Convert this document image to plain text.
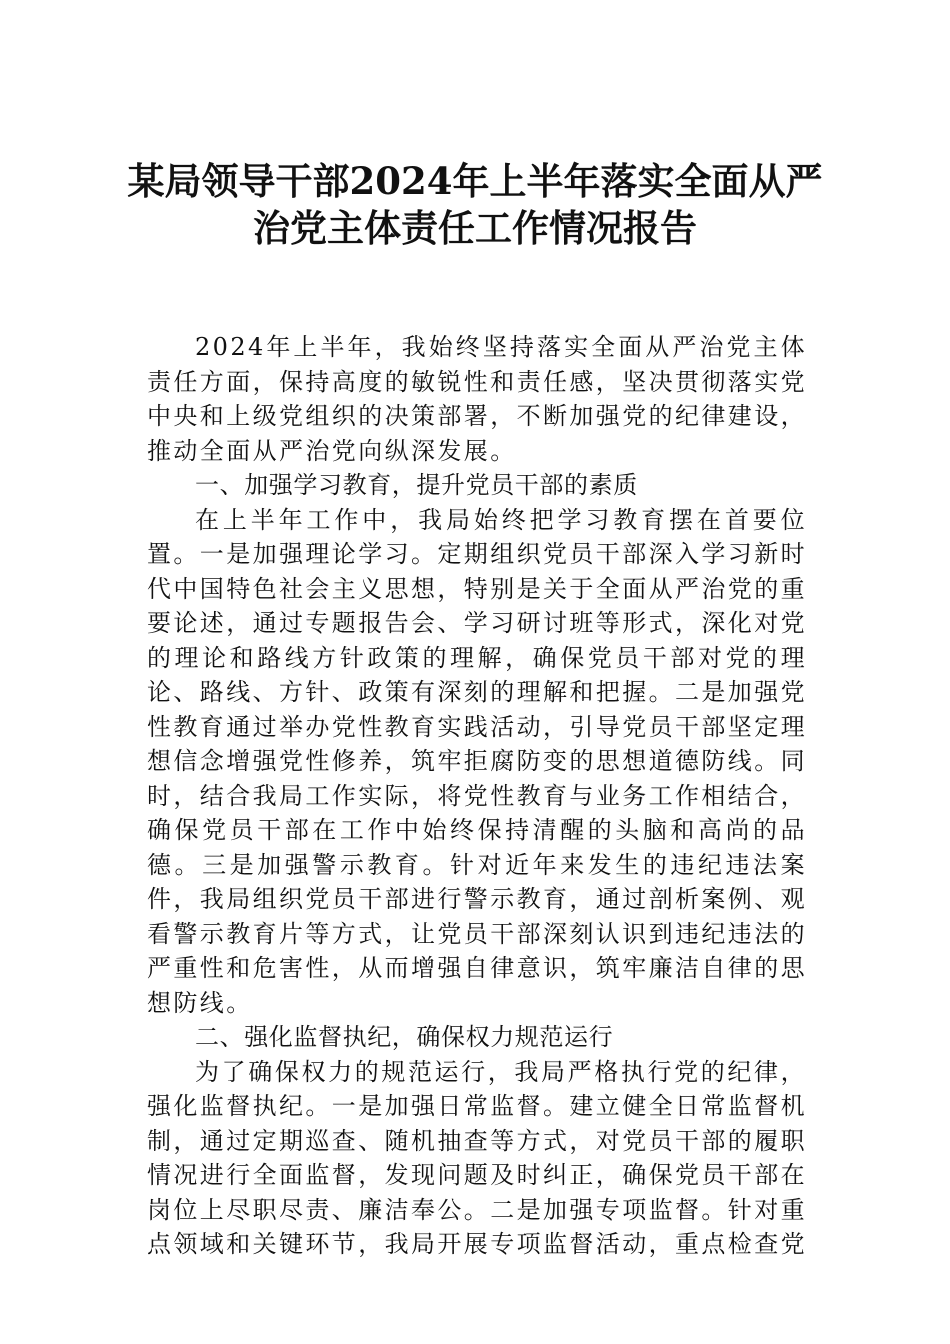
某局领导干部2024年上半年落实全面从严
治党主体责任工作情况报告

2024年上半年，我始终坚持落实全面从严治党主体责任方面，保持高度的敏锐性和责任感，坚决贯彻落实党中央和上级党组织的决策部署，不断加强党的纪律建设，推动全面从严治党向纵深发展。

一、加强学习教育，提升党员干部的素质

在上半年工作中，我局始终把学习教育摆在首要位置。一是加强理论学习。定期组织党员干部深入学习新时代中国特色社会主义思想，特别是关于全面从严治党的重要论述，通过专题报告会、学习研讨班等形式，深化对党的理论和路线方针政策的理解，确保党员干部对党的理论、路线、方针、政策有深刻的理解和把握。二是加强党性教育通过举办党性教育实践活动，引导党员干部坚定理想信念增强党性修养，筑牢拒腐防变的思想道德防线。同时，结合我局工作实际，将党性教育与业务工作相结合，确保党员干部在工作中始终保持清醒的头脑和高尚的品德。三是加强警示教育。针对近年来发生的违纪违法案件，我局组织党员干部进行警示教育，通过剖析案例、观看警示教育片等方式，让党员干部深刻认识到违纪违法的严重性和危害性，从而增强自律意识，筑牢廉洁自律的思想防线。

二、强化监督执纪，确保权力规范运行

为了确保权力的规范运行，我局严格执行党的纪律，强化监督执纪。一是加强日常监督。建立健全日常监督机制，通过定期巡查、随机抽查等方式，对党员干部的履职情况进行全面监督，发现问题及时纠正，确保党员干部在岗位上尽职尽责、廉洁奉公。二是加强专项监督。针对重点领域和关键环节，我局开展专项监督活动，重点检查党
